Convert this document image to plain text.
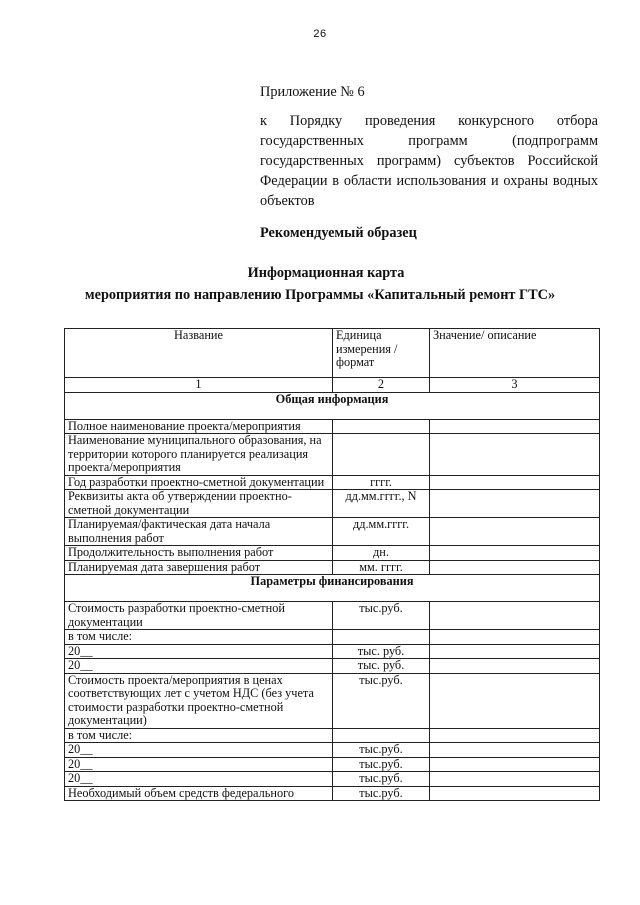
26
Приложение № 6
к Порядку проведения конкурсного отбора государственных программ (подпрограмм государственных программ) субъектов Российской Федерации в области использования и охраны водных объектов
Рекомендуемый образец
Информационная карта
мероприятия по направлению Программы «Капитальный ремонт ГТС»
Название	Единица измерения / формат	Значение/ описание
1	2	3
Общая информация		
Полное наименование проекта/мероприятия		
Наименование муниципального образования, на территории которого планируется реализация проекта/мероприятия		
Год разработки проектно-сметной документации	гггг.	
Реквизиты акта об утверждении проектно-сметной документации	дд.мм.гггг., N	
Планируемая/фактическая дата начала выполнения работ	дд.мм.гггг.	
Продолжительность выполнения работ	дн.	
Планируемая дата завершения работ	мм. гггг.	
Параметры финансирования		
Стоимость разработки проектно-сметной документации	тыс.руб.	
в том числе:		
20__	тыс. руб.	
20__	тыс. руб.	
Стоимость проекта/мероприятия в ценах соответствующих лет с учетом НДС (без учета стоимости разработки проектно-сметной документации)	тыс.руб.	
в том числе:		
20__	тыс.руб.	
20__	тыс.руб.	
20__	тыс.руб.	
Необходимый объем средств федерального	тыс.руб.	
